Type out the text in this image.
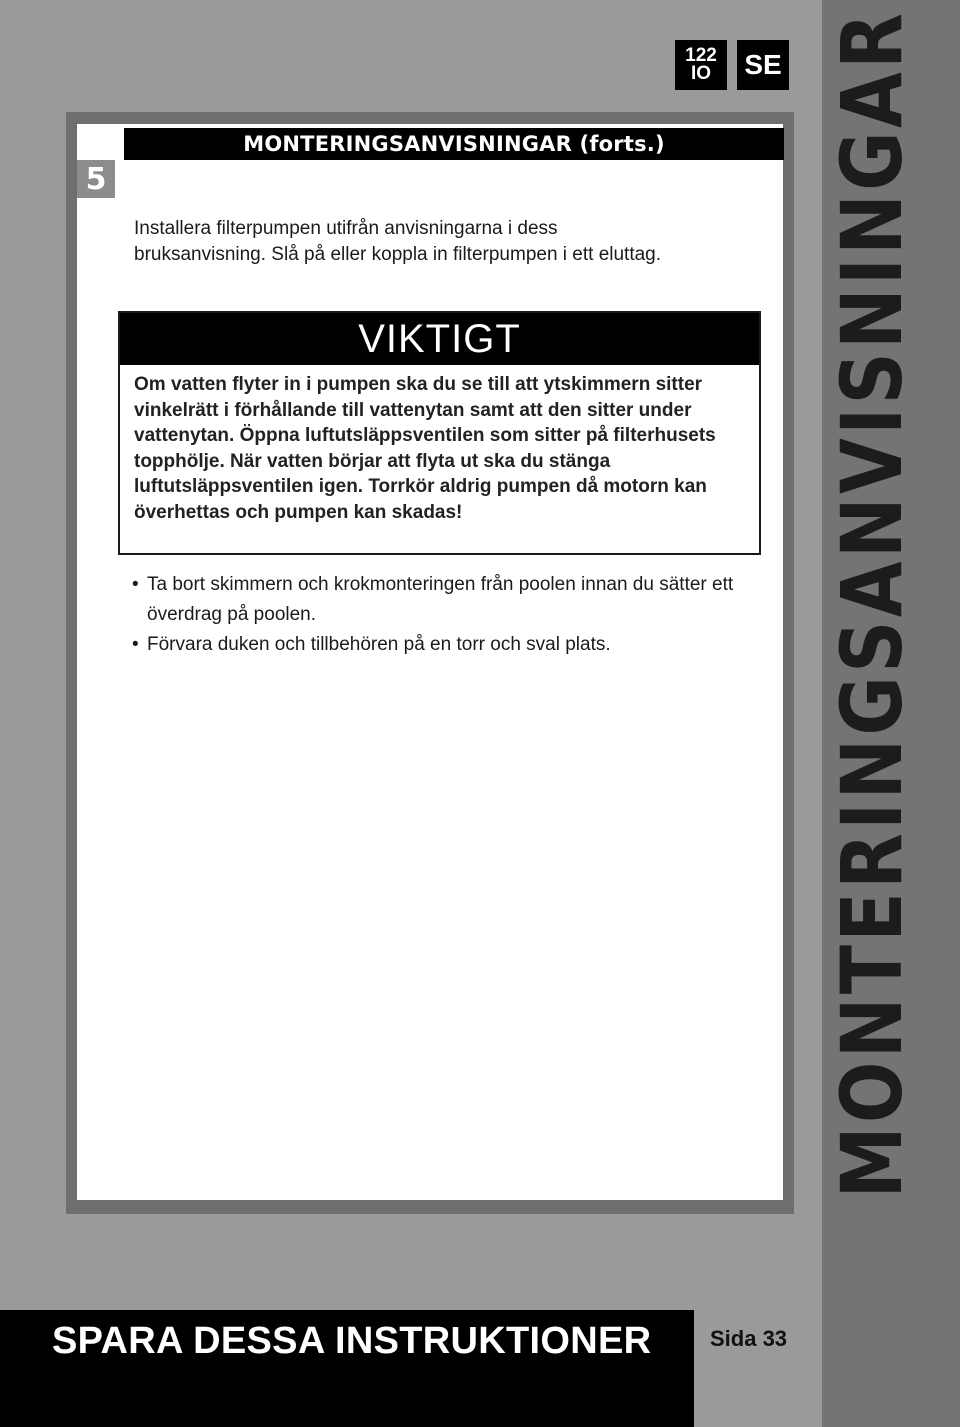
MONTERINGSANVISNINGAR
122
IO SE
5
MONTERINGSANVISNINGAR (forts.)

Installera filterpumpen utifrån anvisningarna i dess bruksanvisning. Slå på eller koppla in filterpumpen i ett eluttag.

VIKTIGT
Om vatten flyter in i pumpen ska du se till att ytskimmern sitter vinkelrätt i förhållande till vattenytan samt att den sitter under vattenytan. Öppna luftutsläppsventilen som sitter på filterhusets topphölje. När vatten börjar att flyta ut ska du stänga luftutsläppsventilen igen. Torrkör aldrig pumpen då motorn kan överhettas och pumpen kan skadas!
• Ta bort skimmern och krokmonteringen från poolen innan du sätter ett överdrag på poolen.
• Förvara duken och tillbehören på en torr och sval plats.
SPARA DESSA INSTRUKTIONER	Sida 33
